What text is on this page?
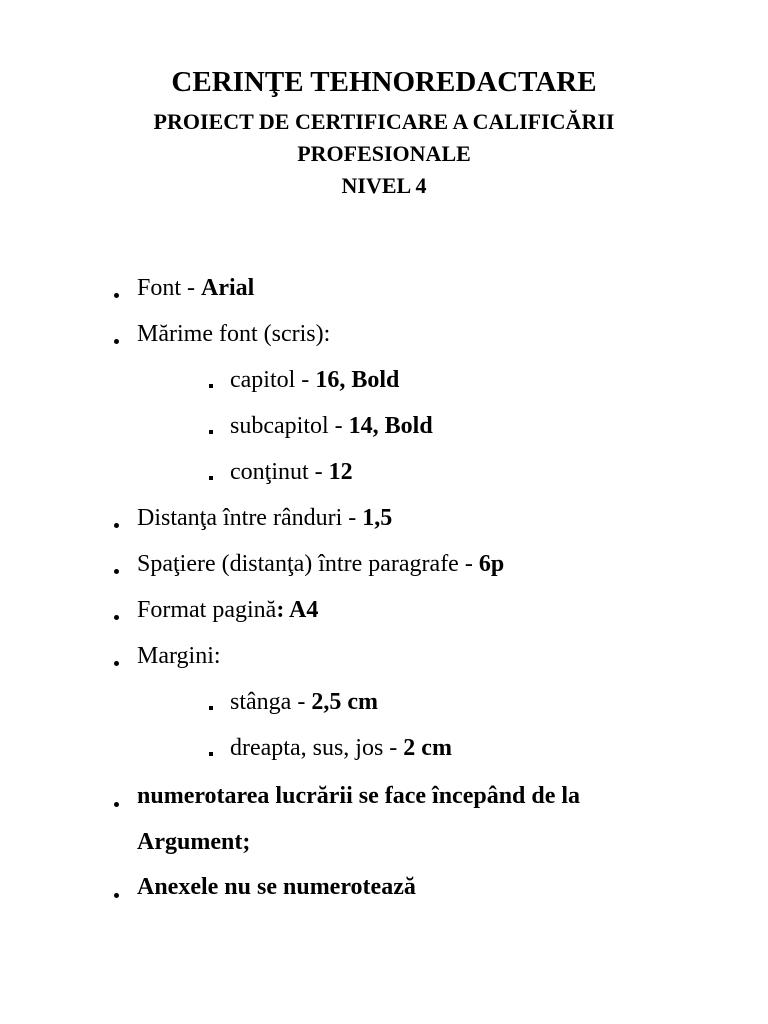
CERINŢE TEHNOREDACTARE
PROIECT DE CERTIFICARE A CALIFICĂRII
PROFESIONALE
NIVEL 4
Font - Arial
Mărime font (scris):
capitol - 16, Bold
subcapitol - 14, Bold
conţinut - 12
Distanţa între rânduri - 1,5
Spaţiere (distanţa) între paragrafe - 6p
Format pagină: A4
Margini:
stânga - 2,5 cm
dreapta, sus, jos - 2 cm
numerotarea lucrării se face începând de la
Argument;
Anexele nu se numerotează
